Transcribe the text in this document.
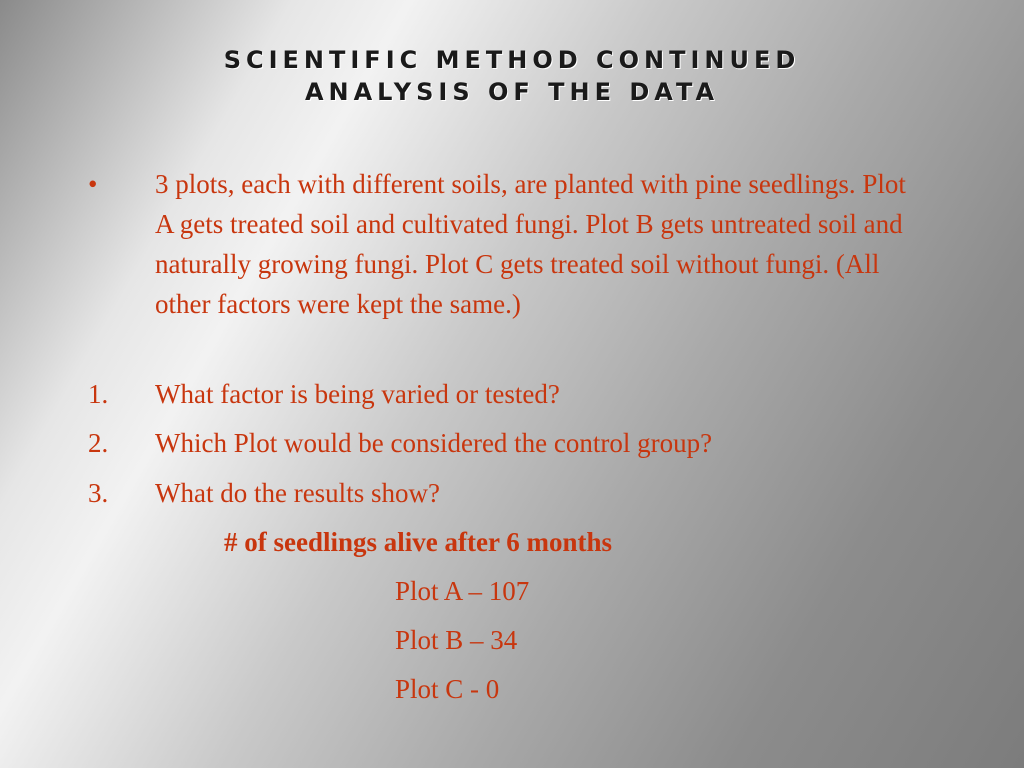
SCIENTIFIC METHOD CONTINUED
ANALYSIS OF THE DATA
•	3 plots, each with different soils, are planted with pine seedlings. Plot A gets treated soil and cultivated fungi. Plot B gets untreated soil and naturally growing fungi. Plot C gets treated soil without fungi. (All other factors were kept the same.)
1.	What factor is being varied or tested?
2.	Which Plot would be considered the control group?
3.	What do the results show?
# of seedlings alive after 6 months
Plot A – 107
Plot B – 34
Plot C - 0
